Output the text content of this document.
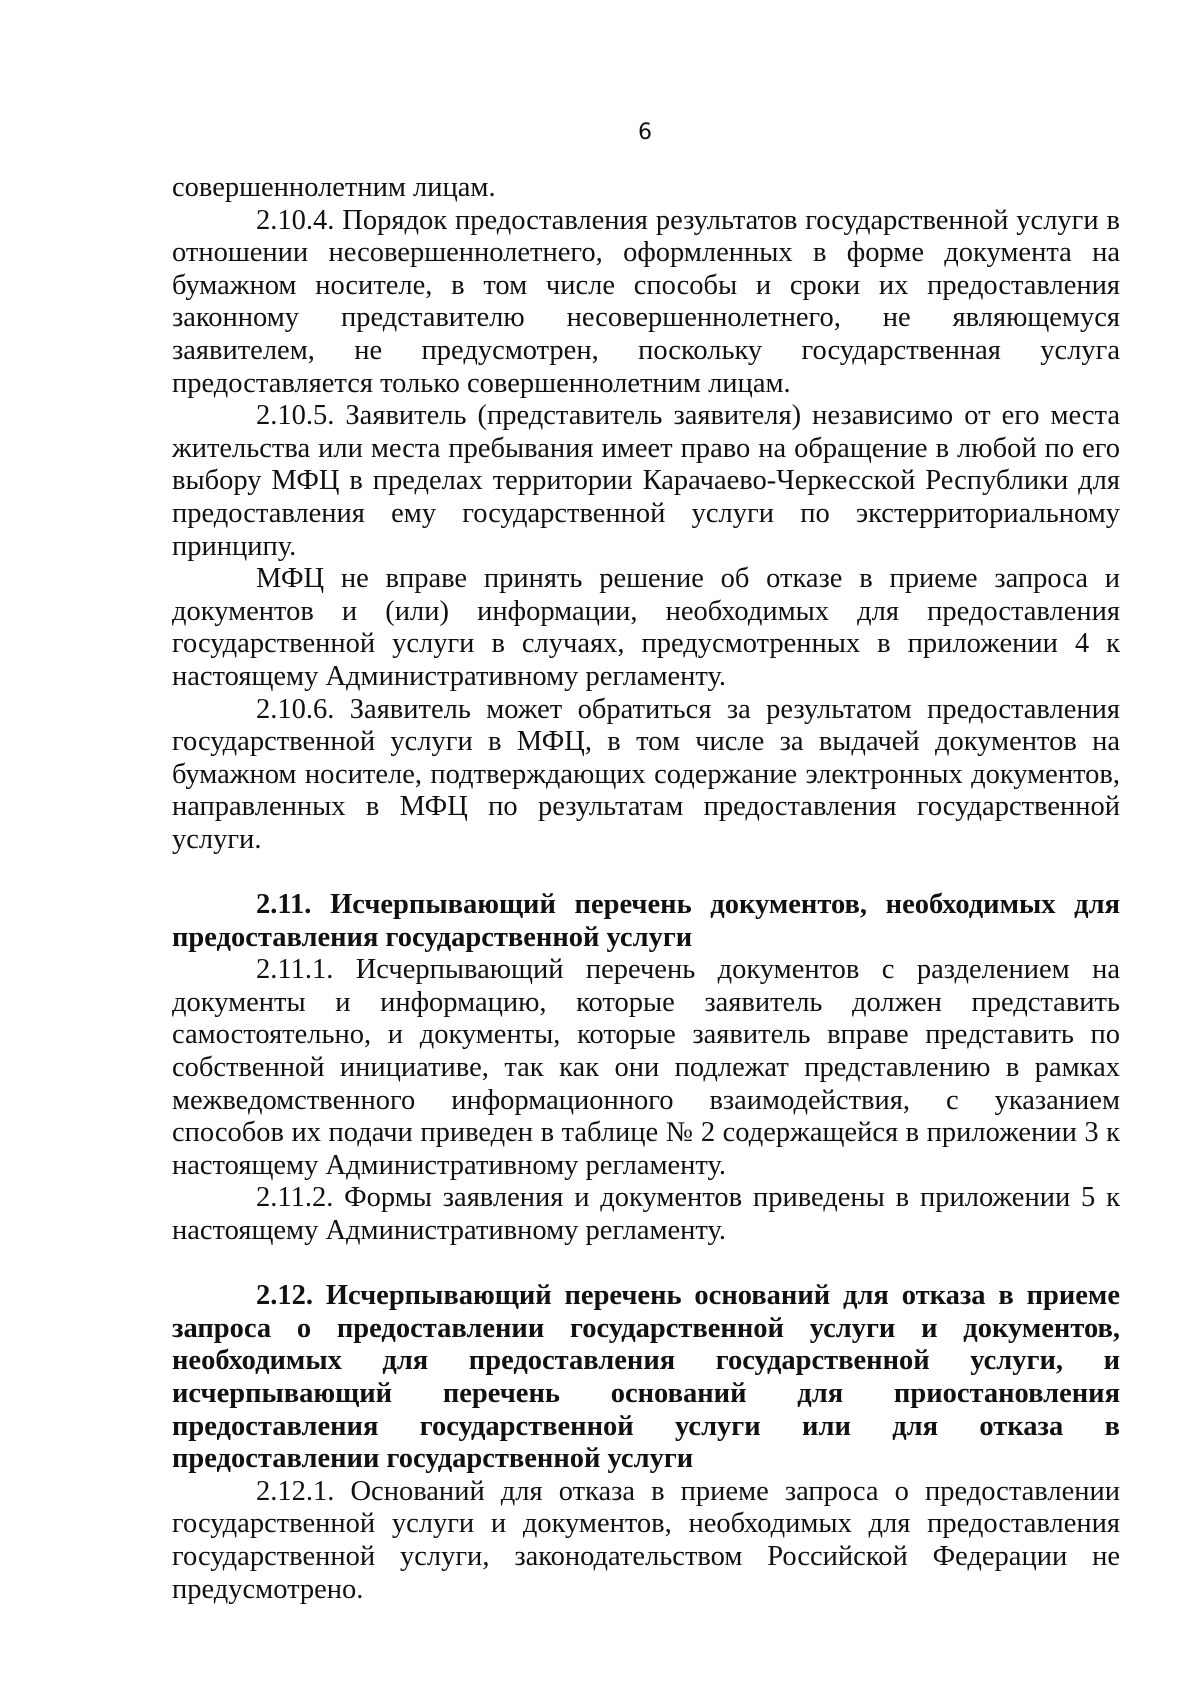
6

совершеннолетним лицам.

2.10.4. Порядок предоставления результатов государственной услуги в отношении несовершеннолетнего, оформленных в форме документа на бумажном носителе, в том числе способы и сроки их предоставления законному представителю несовершеннолетнего, не являющемуся заявителем, не предусмотрен, поскольку государственная услуга предоставляется только совершеннолетним лицам.

2.10.5. Заявитель (представитель заявителя) независимо от его места жительства или места пребывания имеет право на обращение в любой по его выбору МФЦ в пределах территории Карачаево-Черкесской Республики для предоставления ему государственной услуги по экстерриториальному принципу.

МФЦ не вправе принять решение об отказе в приеме запроса и документов и (или) информации, необходимых для предоставления государственной услуги в случаях, предусмотренных в приложении 4 к настоящему Административному регламенту.

2.10.6. Заявитель может обратиться за результатом предоставления государственной услуги в МФЦ, в том числе за выдачей документов на бумажном носителе, подтверждающих содержание электронных документов, направленных в МФЦ по результатам предоставления государственной услуги.

2.11. Исчерпывающий перечень документов, необходимых для предоставления государственной услуги

2.11.1. Исчерпывающий перечень документов с разделением на документы и информацию, которые заявитель должен представить самостоятельно, и документы, которые заявитель вправе представить по собственной инициативе, так как они подлежат представлению в рамках межведомственного информационного взаимодействия, с указанием способов их подачи приведен в таблице № 2 содержащейся в приложении 3 к настоящему Административному регламенту.

2.11.2. Формы заявления и документов приведены в приложении 5 к настоящему Административному регламенту.

2.12. Исчерпывающий перечень оснований для отказа в приеме запроса о предоставлении государственной услуги и документов, необходимых для предоставления государственной услуги, и исчерпывающий перечень оснований для приостановления предоставления государственной услуги или для отказа в предоставлении государственной услуги

2.12.1. Оснований для отказа в приеме запроса о предоставлении государственной услуги и документов, необходимых для предоставления государственной услуги, законодательством Российской Федерации не предусмотрено.
